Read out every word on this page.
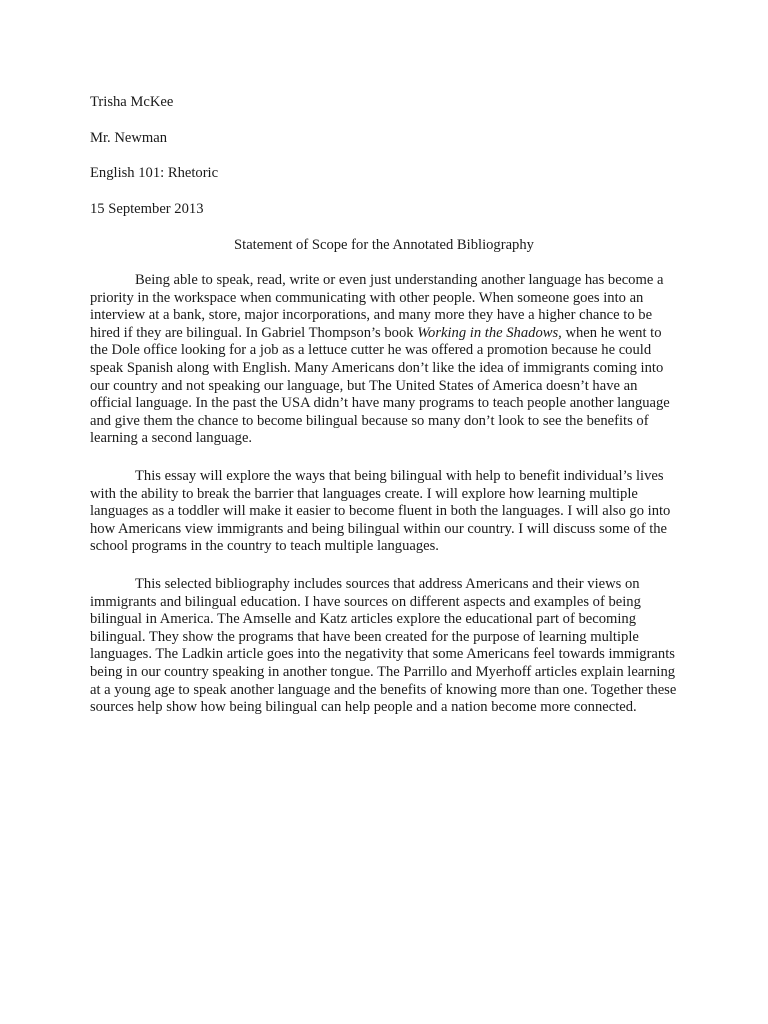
Trisha McKee

Mr. Newman

English 101: Rhetoric

15 September 2013

Statement of Scope for the Annotated Bibliography

Being able to speak, read, write or even just understanding another language has become a priority in the workspace when communicating with other people. When someone goes into an interview at a bank, store, major incorporations, and many more they have a higher chance to be hired if they are bilingual. In Gabriel Thompson’s book Working in the Shadows, when he went to the Dole office looking for a job as a lettuce cutter he was offered a promotion because he could speak Spanish along with English. Many Americans don’t like the idea of immigrants coming into our country and not speaking our language, but The United States of America doesn’t have an official language. In the past the USA didn’t have many programs to teach people another language and give them the chance to become bilingual because so many don’t look to see the benefits of learning a second language.

This essay will explore the ways that being bilingual with help to benefit individual’s lives with the ability to break the barrier that languages create. I will explore how learning multiple languages as a toddler will make it easier to become fluent in both the languages. I will also go into how Americans view immigrants and being bilingual within our country. I will discuss some of the school programs in the country to teach multiple languages.

This selected bibliography includes sources that address Americans and their views on immigrants and bilingual education. I have sources on different aspects and examples of being bilingual in America. The Amselle and Katz articles explore the educational part of becoming bilingual. They show the programs that have been created for the purpose of learning multiple languages. The Ladkin article goes into the negativity that some Americans feel towards immigrants being in our country speaking in another tongue. The Parrillo and Myerhoff articles explain learning at a young age to speak another language and the benefits of knowing more than one. Together these sources help show how being bilingual can help people and a nation become more connected.
